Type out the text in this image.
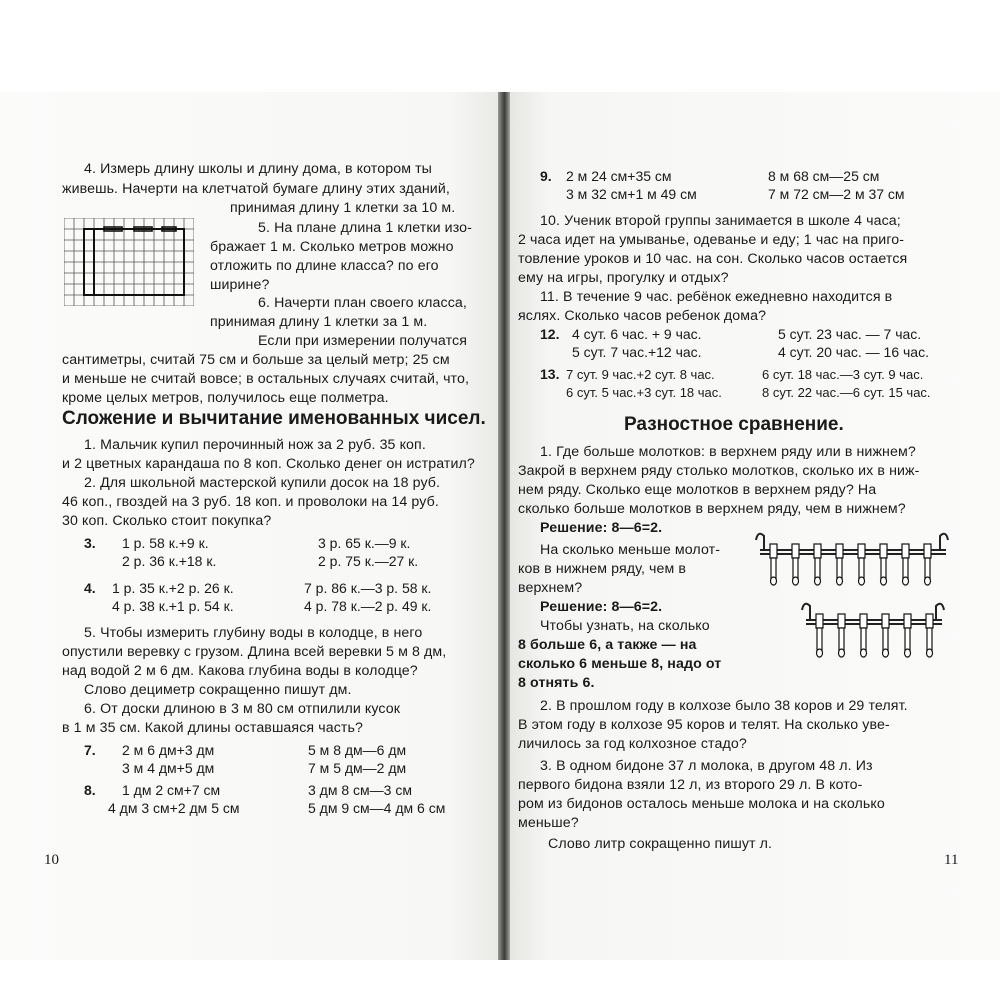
4. Измерь длину школы и длину дома, в котором ты
живешь. Начерти на клетчатой бумаге длину этих зданий,
принимая длину 1 клетки за 10 м.
5. На плане длина 1 клетки изо-
бражает 1 м. Сколько метров можно
отложить по длине класса? по его
ширине?
6. Начерти план своего класса,
принимая длину 1 клетки за 1 м.
Если при измерении получатся
сантиметры, считай 75 см и больше за целый метр; 25 см
и меньше не считай вовсе; в остальных случаях считай, что,
кроме целых метров, получилось еще полметра.
Сложение и вычитание именованных чисел.
1. Мальчик купил перочинный нож за 2 руб. 35 коп.
и 2 цветных карандаша по 8 коп. Сколько денег он истратил?
2. Для школьной мастерской купили досок на 18 руб.
46 коп., гвоздей на 3 руб. 18 коп. и проволоки на 14 руб.
30 коп. Сколько стоит покупка?
3. 1 р. 58 к.+9 к.
2 р. 36 к.+18 к.
3 р. 65 к.—9 к.
2 р. 75 к.—27 к.
4. 1 р. 35 к.+2 р. 26 к.
4 р. 38 к.+1 р. 54 к.
7 р. 86 к.—3 р. 58 к.
4 р. 78 к.—2 р. 49 к.
5. Чтобы измерить глубину воды в колодце, в него
опустили веревку с грузом. Длина всей веревки 5 м 8 дм,
над водой 2 м 6 дм. Какова глубина воды в колодце?
Слово дециметр сокращенно пишут дм.
6. От доски длиною в 3 м 80 см отпилили кусок
в 1 м 35 см. Какой длины оставшаяся часть?
7. 2 м 6 дм+3 дм
3 м 4 дм+5 дм
5 м 8 дм—6 дм
7 м 5 дм—2 дм
8. 1 дм 2 см+7 см
4 дм 3 см+2 дм 5 см
3 дм 8 см—3 см
5 дм 9 см—4 дм 6 см
10
9. 2 м 24 см+35 см
3 м 32 см+1 м 49 см
8 м 68 см—25 см
7 м 72 см—2 м 37 см
10. Ученик второй группы занимается в школе 4 часа;
2 часа идет на умыванье, одеванье и еду; 1 час на приго-
товление уроков и 10 час. на сон. Сколько часов остается
ему на игры, прогулку и отдых?
11. В течение 9 час. ребёнок ежедневно находится в
яслях. Сколько часов ребенок дома?
12. 4 сут. 6 час. + 9 час.
5 сут. 7 час.+12 час.
5 сут. 23 час. — 7 час.
4 сут. 20 час. — 16 час.
13. 7 сут. 9 час.+2 сут. 8 час.
6 сут. 5 час.+3 сут. 18 час.
6 сут. 18 час.—3 сут. 9 час.
8 сут. 22 час.—6 сут. 15 час.
Разностное сравнение.
1. Где больше молотков: в верхнем ряду или в нижнем?
Закрой в верхнем ряду столько молотков, сколько их в ниж-
нем ряду. Сколько еще молотков в верхнем ряду? На
сколько больше молотков в верхнем ряду, чем в нижнем?
Решение: 8—6=2.
На сколько меньше молот-
ков в нижнем ряду, чем в
верхнем?
Решение: 8—6=2.
Чтобы узнать, на сколько
8 больше 6, а также — на
сколько 6 меньше 8, надо от
8 отнять 6.
2. В прошлом году в колхозе было 38 коров и 29 телят.
В этом году в колхозе 95 коров и телят. На сколько уве-
личилось за год колхозное стадо?
3. В одном бидоне 37 л молока, в другом 48 л. Из
первого бидона взяли 12 л, из второго 29 л. В кото-
ром из бидонов осталось меньше молока и на сколько
меньше?
Слово литр сокращенно пишут л.
11
